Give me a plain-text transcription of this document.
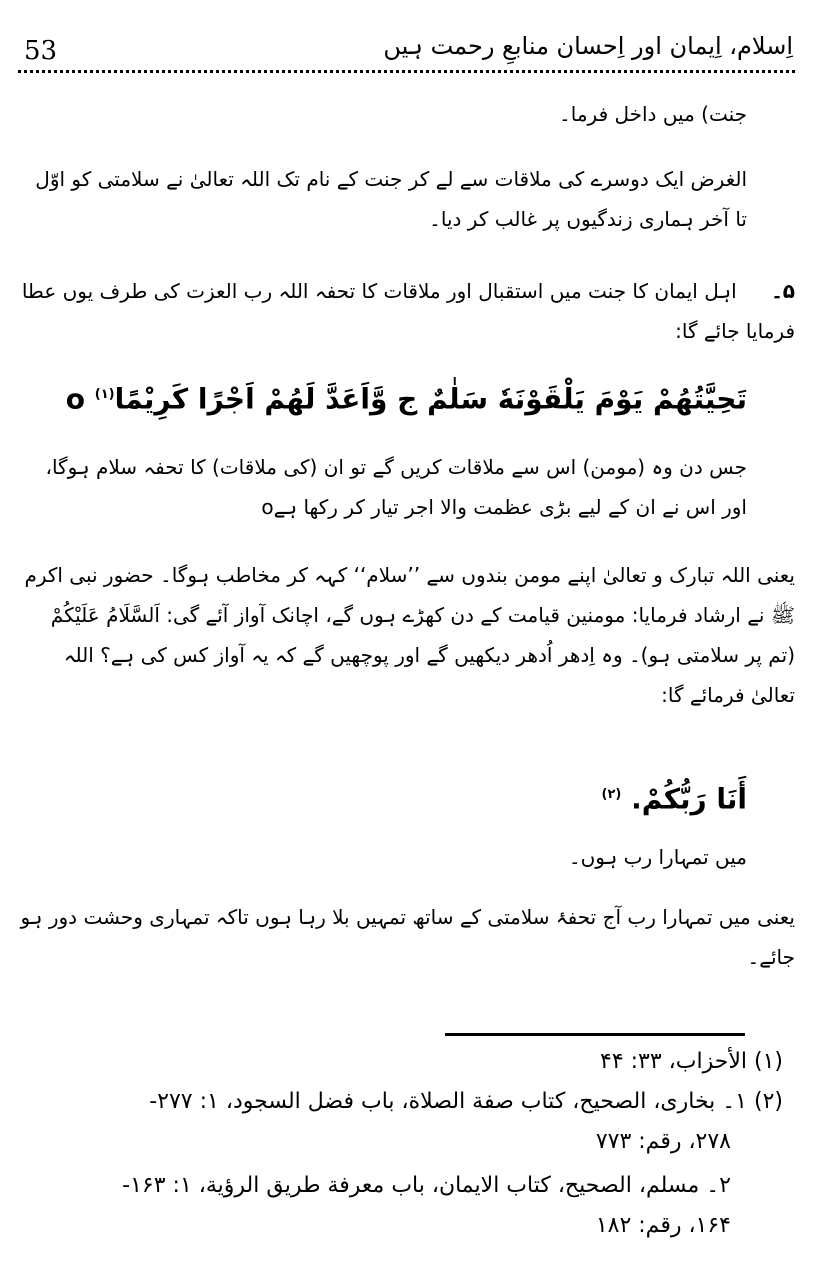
53	اِسلام، اِیمان اور اِحسان منابعِ رحمت ہیں
جنت) میں داخل فرما۔
الغرض ایک دوسرے کی ملاقات سے لے کر جنت کے نام تک اللہ تعالیٰ نے سلامتی کو اوّل تا آخر ہماری زندگیوں پر غالب کر دیا۔
۵۔ اہل ایمان کا جنت میں استقبال اور ملاقات کا تحفہ اللہ رب العزت کی طرف یوں عطا فرمایا جائے گا:
تَحِیَّتُهُمْ یَوْمَ یَلْقَوْنَهٗ سَلٰمٌ ج وَّاَعَدَّ لَهُمْ اَجْرًا كَرِیْمًاo $^{(۱)}$
جس دن وہ (مومن) اس سے ملاقات کریں گے تو ان (کی ملاقات) کا تحفہ سلام ہوگا، اور اس نے ان کے لیے بڑی عظمت والا اجر تیار کر رکھا ہےo
یعنی اللہ تبارک و تعالیٰ اپنے مومن بندوں سے ’’سلام‘‘ کہہ کر مخاطب ہوگا۔ حضور نبی اکرم ﷺ نے ارشاد فرمایا: مومنین قیامت کے دن کھڑے ہوں گے، اچانک آواز آئے گی: اَلسَّلَامُ عَلَیْکُمْ (تم پر سلامتی ہو)۔ وہ اِدھر اُدھر دیکھیں گے اور پوچھیں گے کہ یہ آواز کس کی ہے؟ اللہ تعالیٰ فرمائے گا:
أَنَا رَبُّكُمْ. $^{(۲)}$
میں تمہارا رب ہوں۔
یعنی میں تمہارا رب آج تحفۂ سلامتی کے ساتھ تمہیں بلا رہا ہوں تاکہ تمہاری وحشت دور ہو جائے۔
(۱) الأحزاب، ۳۳: ۴۴
(۲) ۱۔ بخاری، الصحیح، کتاب صفة الصلاة، باب فضل السجود، ۱: ۲۷۷-
۲۷۸، رقم: ۷۷۳
۲۔ مسلم، الصحیح، کتاب الایمان، باب معرفة طریق الرؤیة، ۱: ۱۶۳-
۱۶۴، رقم: ۱۸۲
